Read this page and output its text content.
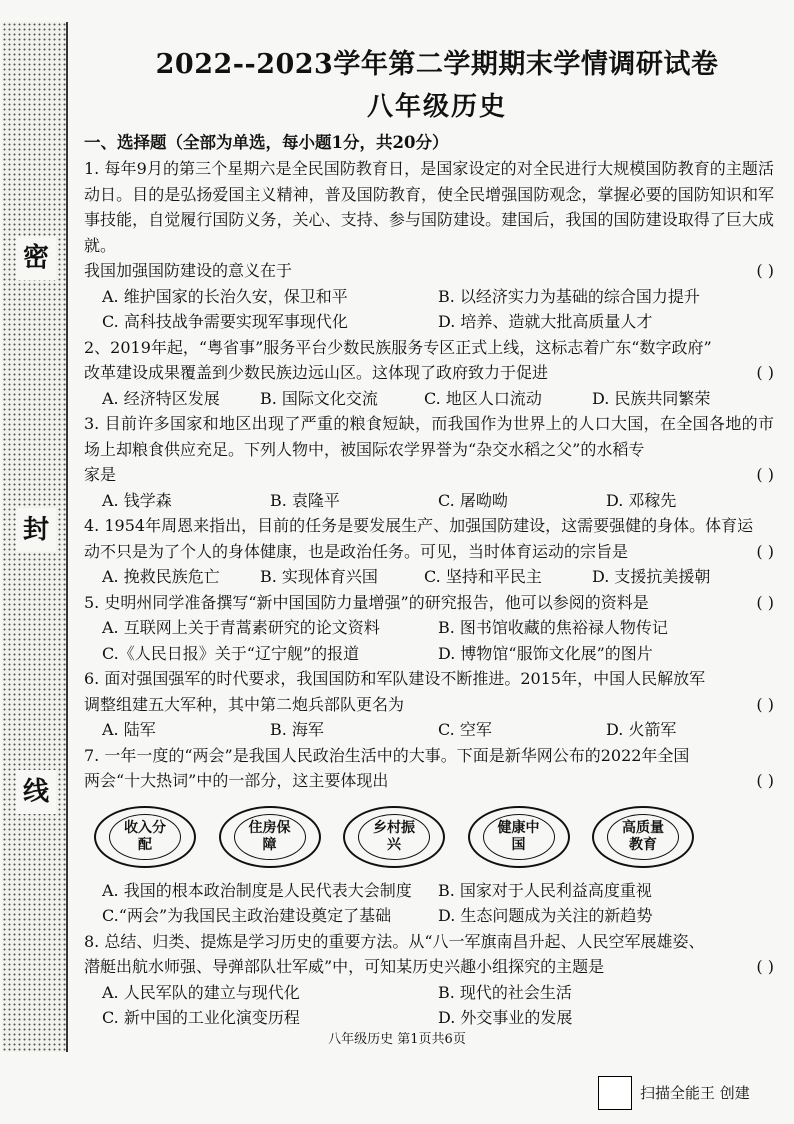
密
封
线
2022--2023学年第二学期期末学情调研试卷
八年级历史
一、选择题（全部为单选，每小题1分，共20分）
1. 每年9月的第三个星期六是全民国防教育日，是国家设定的对全民进行大规模国防教育的主题活动日。目的是弘扬爱国主义精神，普及国防教育，使全民增强国防观念，掌握必要的国防知识和军事技能，自觉履行国防义务，关心、支持、参与国防建设。建国后，我国的国防建设取得了巨大成就。
我国加强国防建设的意义在于	( )
A. 维护国家的长治久安，保卫和平	B. 以经济实力为基础的综合国力提升
C. 高科技战争需要实现军事现代化	D. 培养、造就大批高质量人才
2、2019年起，“粤省事”服务平台少数民族服务专区正式上线，这标志着广东“数字政府”
改革建设成果覆盖到少数民族边远山区。这体现了政府致力于促进	( )
A. 经济特区发展	B. 国际文化交流	C. 地区人口流动	D. 民族共同繁荣
3. 目前许多国家和地区出现了严重的粮食短缺，而我国作为世界上的人口大国，在全国各地的市场上却粮食供应充足。下列人物中，被国际农学界誉为“杂交水稻之父”的水稻专
家是	( )
A. 钱学森	B. 袁隆平	C. 屠呦呦	D. 邓稼先
4. 1954年周恩来指出，目前的任务是要发展生产、加强国防建设，这需要强健的身体。体育运
动不只是为了个人的身体健康，也是政治任务。可见，当时体育运动的宗旨是	( )
A. 挽救民族危亡	B. 实现体育兴国	C. 坚持和平民主	D. 支援抗美援朝
5. 史明州同学准备撰写“新中国国防力量增强”的研究报告，他可以参阅的资料是	( )
A. 互联网上关于青蒿素研究的论文资料	B. 图书馆收藏的焦裕禄人物传记
C.《人民日报》关于“辽宁舰”的报道	D. 博物馆“服饰文化展”的图片
6. 面对强国强军的时代要求，我国国防和军队建设不断推进。2015年，中国人民解放军
调整组建五大军种，其中第二炮兵部队更名为	( )
A. 陆军	B. 海军	C. 空军	D. 火箭军
7. 一年一度的“两会”是我国人民政治生活中的大事。下面是新华网公布的2022年全国
两会“十大热词”中的一部分，这主要体现出	( )
收入分配
住房保障
乡村振兴
健康中国
高质量教育
A. 我国的根本政治制度是人民代表大会制度	B. 国家对于人民利益高度重视
C.“两会”为我国民主政治建设奠定了基础	D. 生态问题成为关注的新趋势
8. 总结、归类、提炼是学习历史的重要方法。从“八一军旗南昌升起、人民空军展雄姿、
潜艇出航水师强、导弹部队壮军威”中，可知某历史兴趣小组探究的主题是	( )
A. 人民军队的建立与现代化	B. 现代的社会生活
C. 新中国的工业化演变历程	D. 外交事业的发展
八年级历史 第1页共6页
扫描全能王 创建
